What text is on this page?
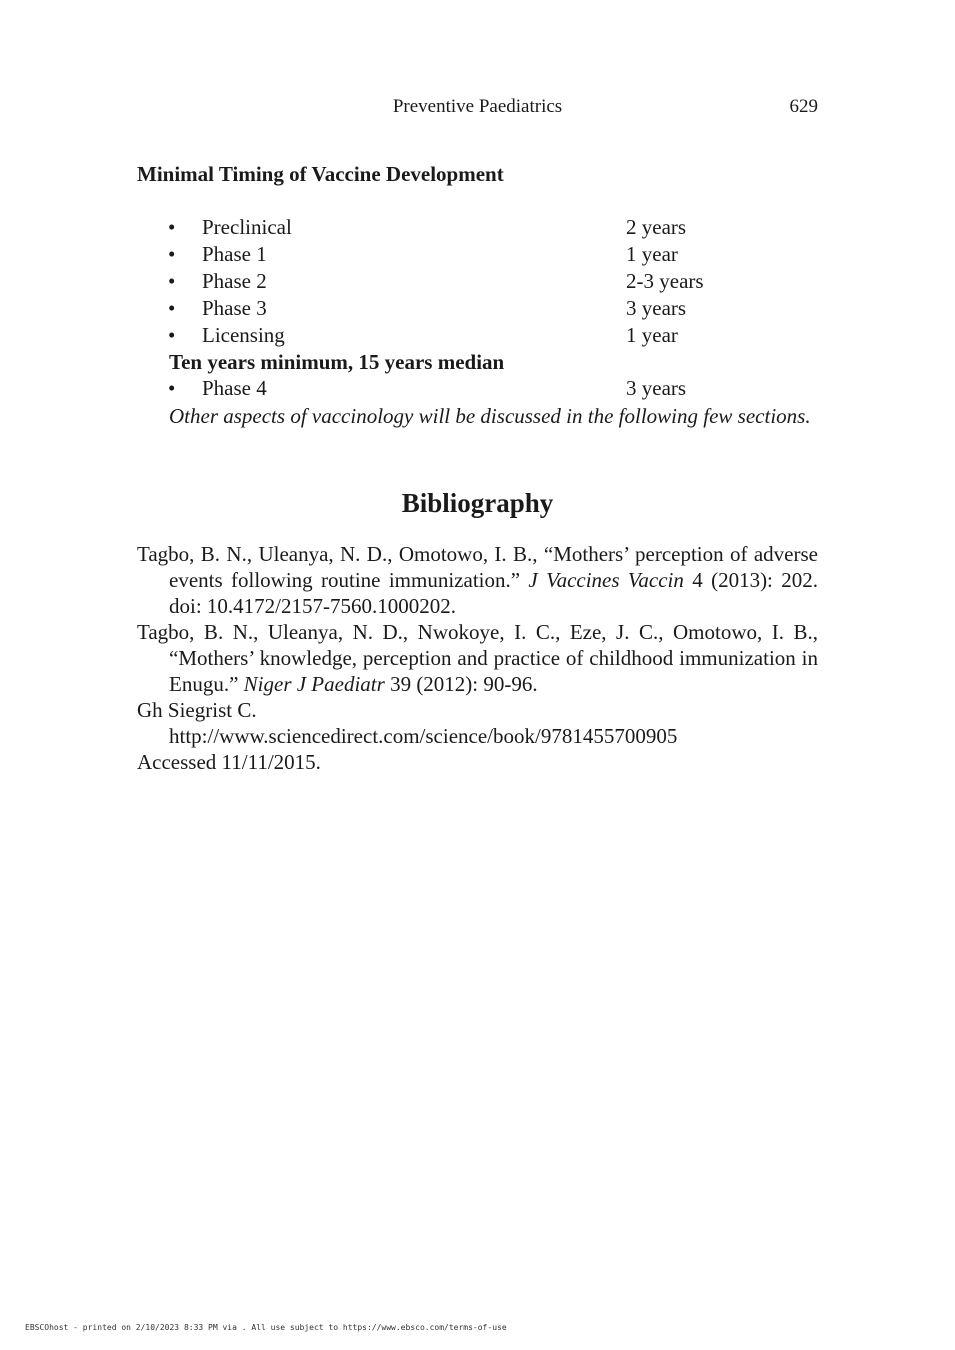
Preventive Paediatrics	629
Minimal Timing of Vaccine Development
• Preclinical	2 years
• Phase 1	1 year
• Phase 2	2-3 years
• Phase 3	3 years
• Licensing	1 year
Ten years minimum, 15 years median
• Phase 4	3 years
Other aspects of vaccinology will be discussed in the following few sections.
Bibliography
Tagbo, B. N., Uleanya, N. D., Omotowo, I. B., “Mothers’ perception of adverse events following routine immunization.” J Vaccines Vaccin 4 (2013): 202. doi: 10.4172/2157-7560.1000202.
Tagbo, B. N., Uleanya, N. D., Nwokoye, I. C., Eze, J. C., Omotowo, I. B., “Mothers’ knowledge, perception and practice of childhood immunization in Enugu.” Niger J Paediatr 39 (2012): 90-96.
Gh Siegrist C.
http://www.sciencedirect.com/science/book/9781455700905
Accessed 11/11/2015.
EBSCOhost - printed on 2/10/2023 8:33 PM via . All use subject to https://www.ebsco.com/terms-of-use
